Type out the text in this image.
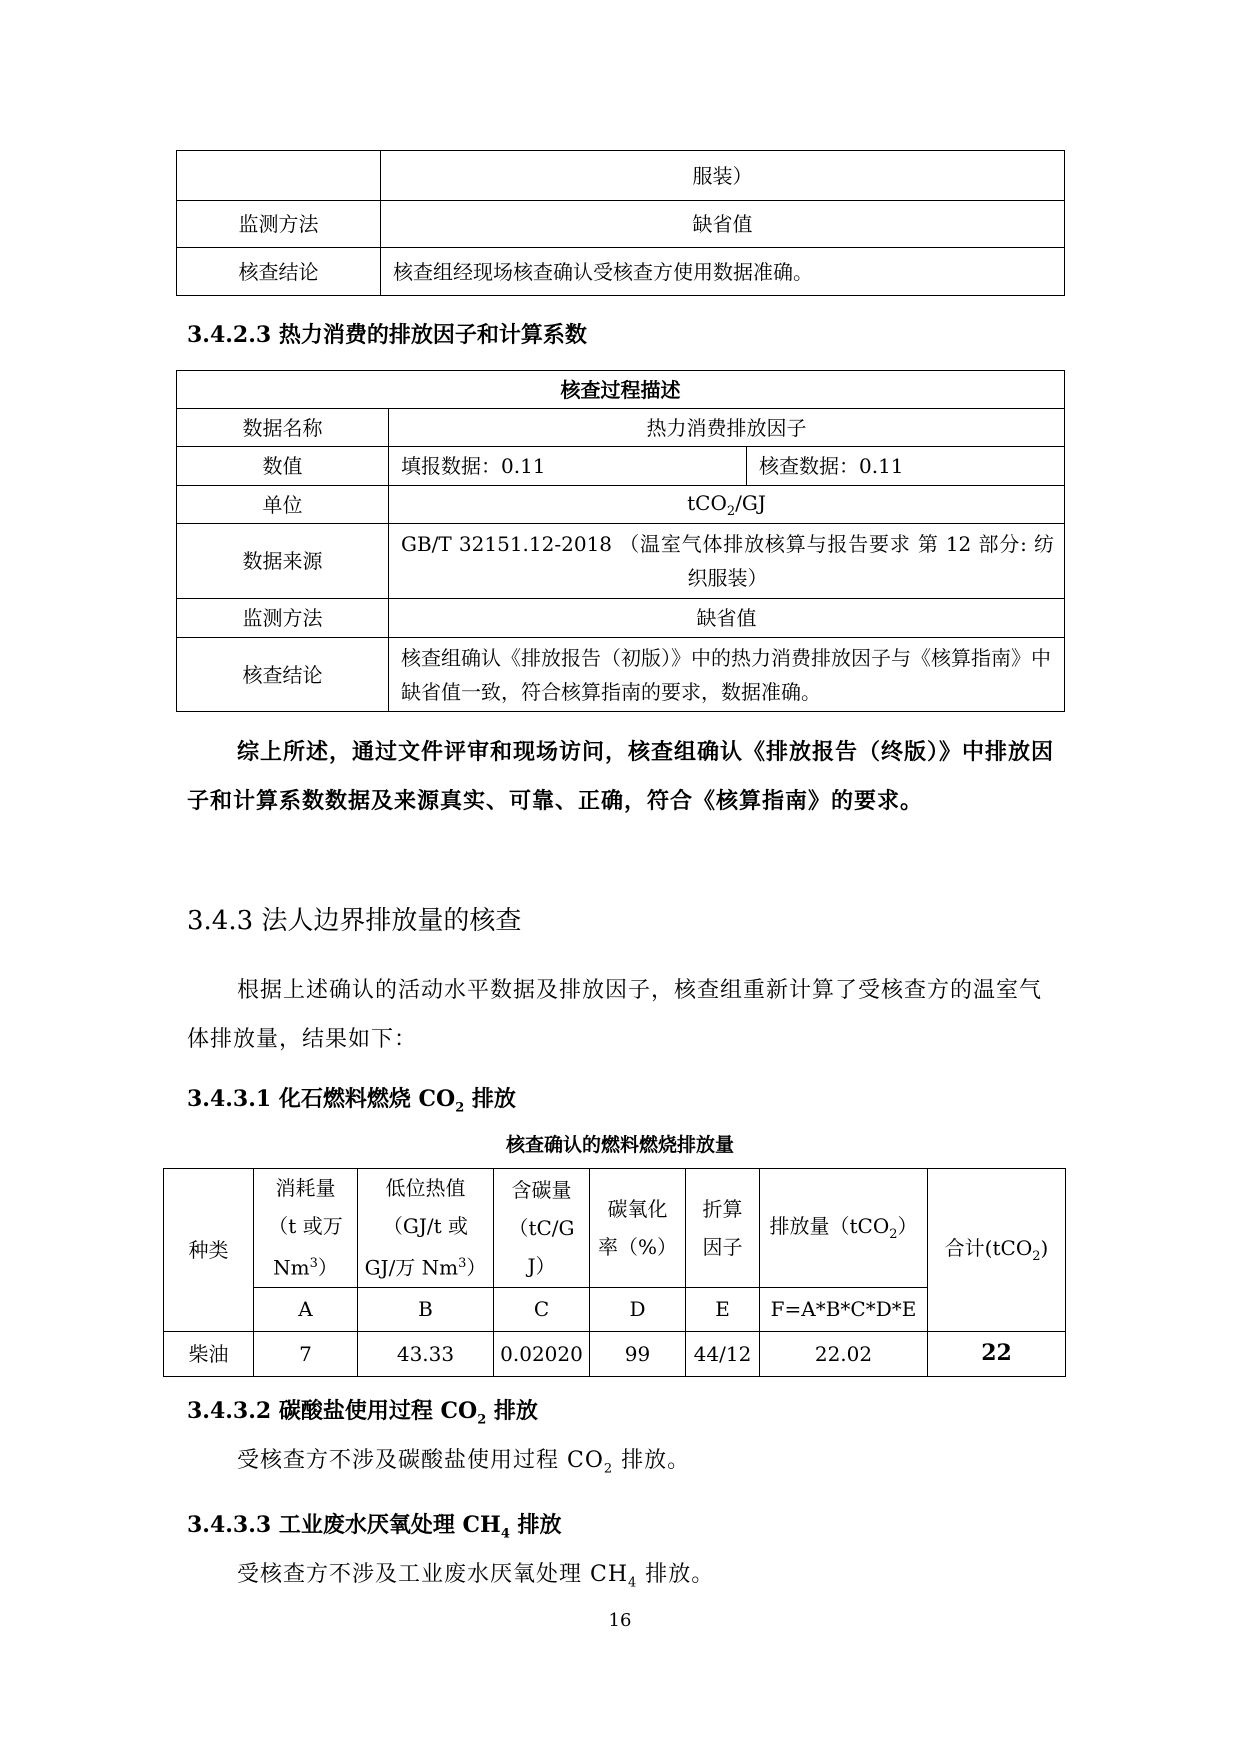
	服装）
监测方法	缺省值
核查结论	核查组经现场核查确认受核查方使用数据准确。
3.4.2.3 热力消费的排放因子和计算系数
核查过程描述		
数据名称	热力消费排放因子	
数值	填报数据：0.11	核查数据：0.11
单位	tCO$_2$/GJ	
数据来源	GB/T 32151.12-2018 （温室气体排放核算与报告要求 第 12 部分: 纺织服装）	
监测方法	缺省值	
核查结论	核查组确认《排放报告（初版）》中的热力消费排放因子与《核算指南》中缺省值一致，符合核算指南的要求，数据准确。	
综上所述，通过文件评审和现场访问，核查组确认《排放报告（终版）》中排放因子和计算系数数据及来源真实、可靠、正确，符合《核算指南》的要求。
3.4.3 法人边界排放量的核查
根据上述确认的活动水平数据及排放因子，核查组重新计算了受核查方的温室气体排放量，结果如下：
3.4.3.1 化石燃料燃烧 $CO_2$ 排放
核查确认的燃料燃烧排放量
种类	消耗量
（t 或万
Nm$^3$）	低位热值
（GJ/t 或
GJ/万 Nm$^3$）	含碳量
（tC/G
J）	碳氧化
率（%）	折算
因子	排放量（tCO$_2$）	合计(tCO$_2$)
	A	B	C	D	E	F=A*B*C*D*E	
柴油	7	43.33	0.02020	99	44/12	22.02	22
3.4.3.2 碳酸盐使用过程 $CO_2$ 排放
受核查方不涉及碳酸盐使用过程 $CO_2$ 排放。
3.4.3.3 工业废水厌氧处理 $CH_4$ 排放
受核查方不涉及工业废水厌氧处理 $CH_4$ 排放。
16
